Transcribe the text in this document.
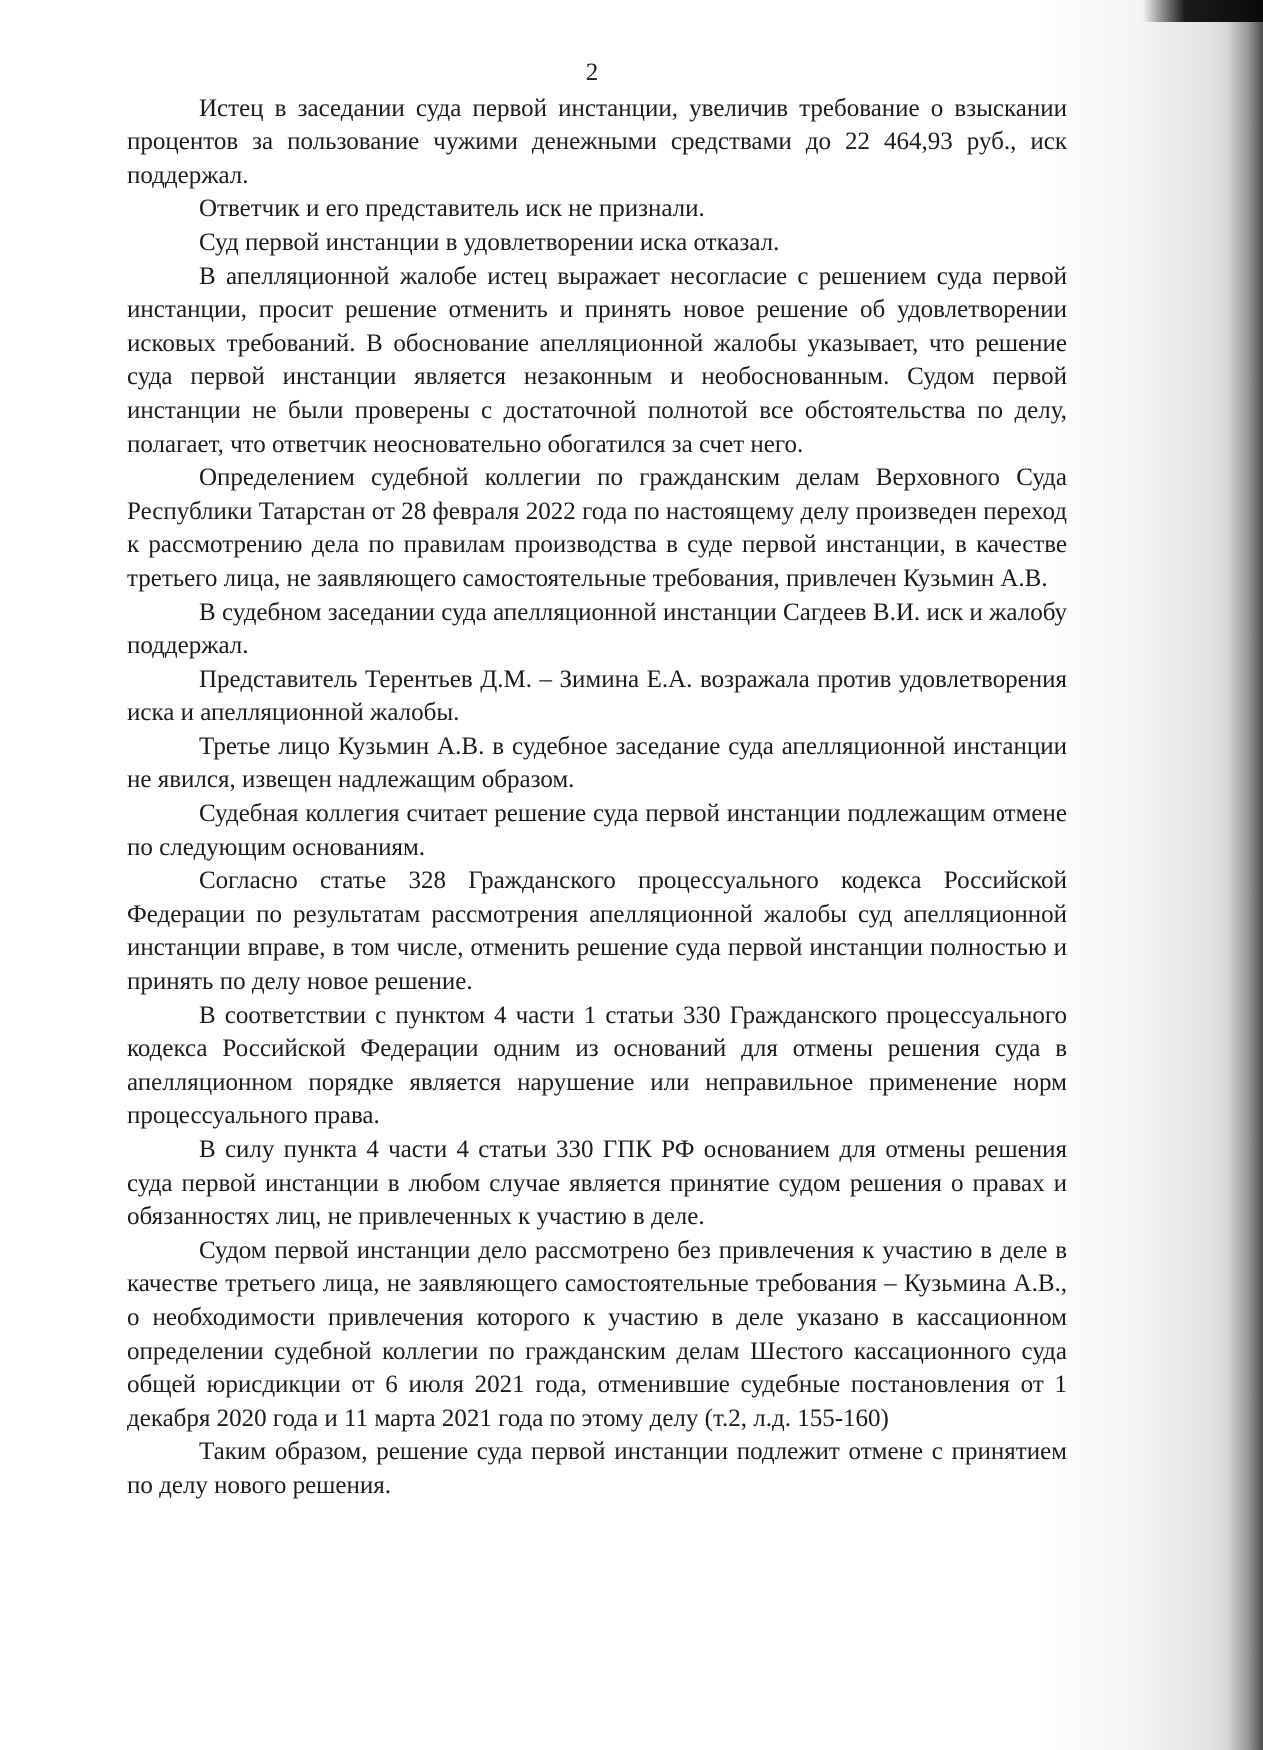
2

Истец в заседании суда первой инстанции, увеличив требование о взыскании процентов за пользование чужими денежными средствами до 22 464,93 руб., иск поддержал.

Ответчик и его представитель иск не признали.

Суд первой инстанции в удовлетворении иска отказал.

В апелляционной жалобе истец выражает несогласие с решением суда первой инстанции, просит решение отменить и принять новое решение об удовлетворении исковых требований. В обоснование апелляционной жалобы указывает, что решение суда первой инстанции является незаконным и необоснованным. Судом первой инстанции не были проверены с достаточной полнотой все обстоятельства по делу, полагает, что ответчик неосновательно обогатился за счет него.

Определением судебной коллегии по гражданским делам Верховного Суда Республики Татарстан от 28 февраля 2022 года по настоящему делу произведен переход к рассмотрению дела по правилам производства в суде первой инстанции, в качестве третьего лица, не заявляющего самостоятельные требования, привлечен Кузьмин А.В.

В судебном заседании суда апелляционной инстанции Сагдеев В.И. иск и жалобу поддержал.

Представитель Терентьев Д.М. – Зимина Е.А. возражала против удовлетворения иска и апелляционной жалобы.

Третье лицо Кузьмин А.В. в судебное заседание суда апелляционной инстанции не явился, извещен надлежащим образом.

Судебная коллегия считает решение суда первой инстанции подлежащим отмене по следующим основаниям.

Согласно статье 328 Гражданского процессуального кодекса Российской Федерации по результатам рассмотрения апелляционной жалобы суд апелляционной инстанции вправе, в том числе, отменить решение суда первой инстанции полностью и принять по делу новое решение.

В соответствии с пунктом 4 части 1 статьи 330 Гражданского процессуального кодекса Российской Федерации одним из оснований для отмены решения суда в апелляционном порядке является нарушение или неправильное применение норм процессуального права.

В силу пункта 4 части 4 статьи 330 ГПК РФ основанием для отмены решения суда первой инстанции в любом случае является принятие судом решения о правах и обязанностях лиц, не привлеченных к участию в деле.

Судом первой инстанции дело рассмотрено без привлечения к участию в деле в качестве третьего лица, не заявляющего самостоятельные требования – Кузьмина А.В., о необходимости привлечения которого к участию в деле указано в кассационном определении судебной коллегии по гражданским делам Шестого кассационного суда общей юрисдикции от 6 июля 2021 года, отменившие судебные постановления от 1 декабря 2020 года и 11 марта 2021 года по этому делу (т.2, л.д. 155-160)

Таким образом, решение суда первой инстанции подлежит отмене с принятием по делу нового решения.
